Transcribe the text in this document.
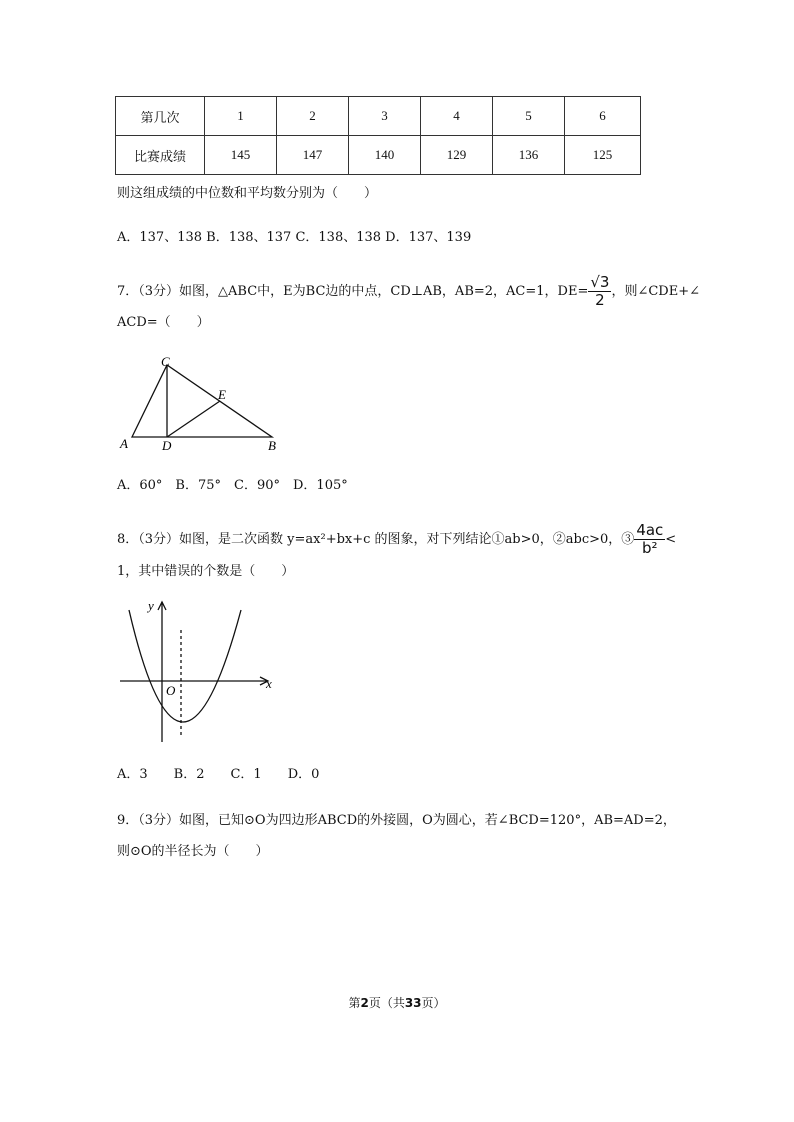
第几次	1	2	3	4	5	6
比赛成绩	145	147	140	129	136	125
则这组成绩的中位数和平均数分别为（　　）
A．137、138 B．138、137 C．138、138 D．137、139
7．（3分）如图，△ABC中，E为BC边的中点，CD⊥AB，AB=2，AC=1，$DE= \frac{√3}{2}$ ，则∠CDE+∠
ACD=（　　）
A
C
D
E
B
A．60°　B．75°　C．90°　D．105°
8．（3分）如图，是二次函数 y=ax²+bx+c 的图象，对下列结论①ab>0，②abc>0，③ $\frac{4ac}{\text{b²}}$ <
1，其中错误的个数是（　　）
y
x
O
A．3　　B．2　　C．1　　D．0
9．（3分）如图，已知⊙O为四边形ABCD的外接圆，O为圆心，若∠BCD=120°，AB=AD=2，
则⊙O的半径长为（　　）
第2页（共33页）
